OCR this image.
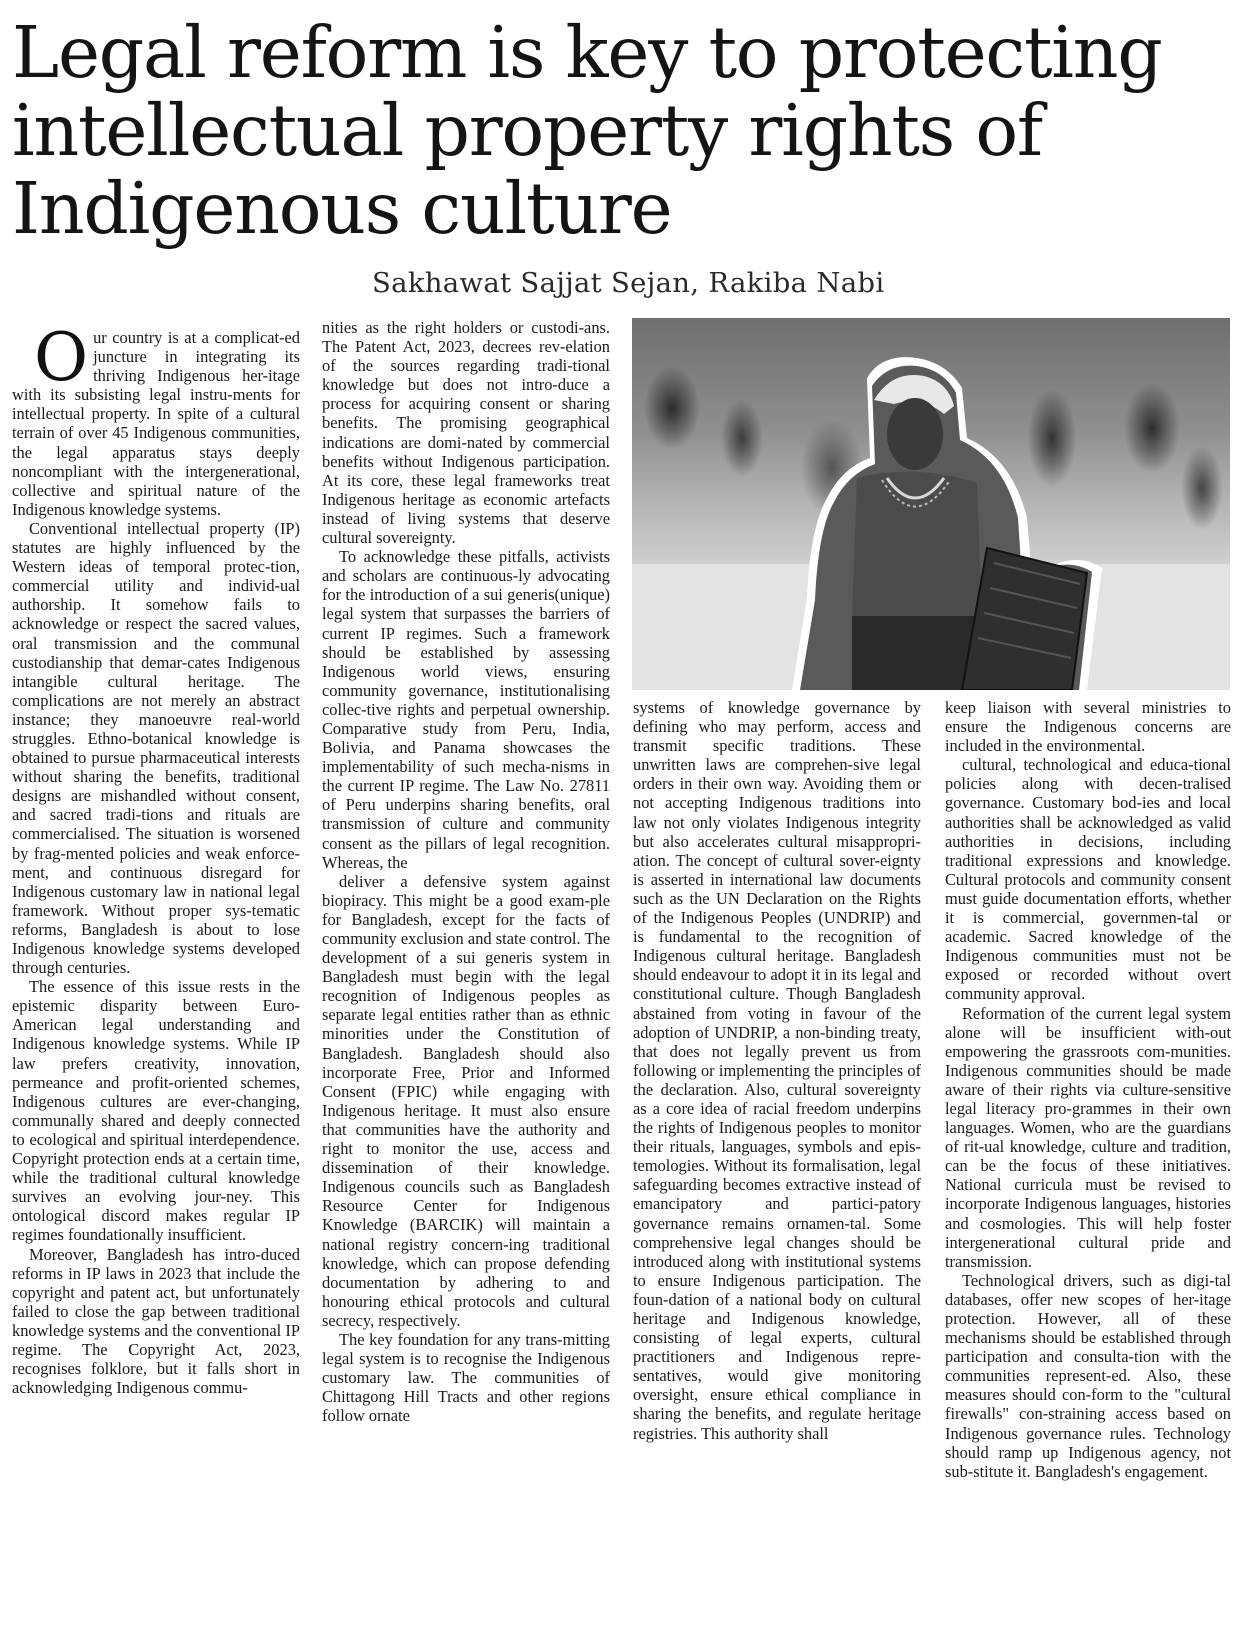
Legal reform is key to protecting intellectual property rights of Indigenous culture
Sakhawat Sajjat Sejan, Rakiba Nabi

Our country is at a complicat-ed juncture in integrating its thriving Indigenous her-itage with its subsisting legal instru-ments for intellectual property. In spite of a cultural terrain of over 45 Indigenous communities, the legal apparatus stays deeply noncompliant with the intergenerational, collective and spiritual nature of the Indigenous knowledge systems.

Conventional intellectual property (IP) statutes are highly influenced by the Western ideas of temporal protec-tion, commercial utility and individ-ual authorship. It somehow fails to acknowledge or respect the sacred values, oral transmission and the communal custodianship that demar-cates Indigenous intangible cultural heritage. The complications are not merely an abstract instance; they manoeuvre real-world struggles. Ethno-botanical knowledge is obtained to pursue pharmaceutical interests without sharing the benefits, traditional designs are mishandled without consent, and sacred tradi-tions and rituals are commercialised. The situation is worsened by frag-mented policies and weak enforce-ment, and continuous disregard for Indigenous customary law in national legal framework. Without proper sys-tematic reforms, Bangladesh is about to lose Indigenous knowledge systems developed through centuries.

The essence of this issue rests in the epistemic disparity between Euro-American legal understanding and Indigenous knowledge systems. While IP law prefers creativity, innovation, permeance and profit-oriented schemes, Indigenous cultures are ever-changing, communally shared and deeply connected to ecological and spiritual interdependence. Copyright protection ends at a certain time, while the traditional cultural knowledge survives an evolving jour-ney. This ontological discord makes regular IP regimes foundationally insufficient.

Moreover, Bangladesh has intro-duced reforms in IP laws in 2023 that include the copyright and patent act, but unfortunately failed to close the gap between traditional knowledge systems and the conventional IP regime. The Copyright Act, 2023, recognises folklore, but it falls short in acknowledging Indigenous commu-

nities as the right holders or custodi-ans. The Patent Act, 2023, decrees rev-elation of the sources regarding tradi-tional knowledge but does not intro-duce a process for acquiring consent or sharing benefits. The promising geographical indications are domi-nated by commercial benefits without Indigenous participation. At its core, these legal frameworks treat Indigenous heritage as economic artefacts instead of living systems that deserve cultural sovereignty.

To acknowledge these pitfalls, activists and scholars are continuous-ly advocating for the introduction of a sui generis(unique) legal system that surpasses the barriers of current IP regimes. Such a framework should be established by assessing Indigenous world views, ensuring community governance, institutionalising collec-tive rights and perpetual ownership. Comparative study from Peru, India, Bolivia, and Panama showcases the implementability of such mecha-nisms in the current IP regime. The Law No. 27811 of Peru underpins sharing benefits, oral transmission of culture and community consent as the pillars of legal recognition. Whereas, the

deliver a defensive system against biopiracy. This might be a good exam-ple for Bangladesh, except for the facts of community exclusion and state control. The development of a sui generis system in Bangladesh must begin with the legal recognition of Indigenous peoples as separate legal entities rather than as ethnic minorities under the Constitution of Bangladesh. Bangladesh should also incorporate Free, Prior and Informed Consent (FPIC) while engaging with Indigenous heritage. It must also ensure that communities have the authority and right to monitor the use, access and dissemination of their knowledge. Indigenous councils such as Bangladesh Resource Center for Indigenous Knowledge (BARCIK) will maintain a national registry concern-ing traditional knowledge, which can propose defending documentation by adhering to and honouring ethical protocols and cultural secrecy, respectively.

The key foundation for any trans-mitting legal system is to recognise the Indigenous customary law. The communities of Chittagong Hill Tracts and other regions follow ornate

systems of knowledge governance by defining who may perform, access and transmit specific traditions. These unwritten laws are comprehen-sive legal orders in their own way. Avoiding them or not accepting Indigenous traditions into law not only violates Indigenous integrity but also accelerates cultural misappropri-ation. The concept of cultural sover-eignty is asserted in international law documents such as the UN Declaration on the Rights of the Indigenous Peoples (UNDRIP) and is fundamental to the recognition of Indigenous cultural heritage. Bangladesh should endeavour to adopt it in its legal and constitutional culture. Though Bangladesh abstained from voting in favour of the adoption of UNDRIP, a non-binding treaty, that does not legally prevent us from following or implementing the principles of the declaration. Also, cultural sovereignty as a core idea of racial freedom underpins the rights of Indigenous peoples to monitor their rituals, languages, symbols and epis-temologies. Without its formalisation, legal safeguarding becomes extractive instead of emancipatory and partici-patory governance remains ornamen-tal. Some comprehensive legal changes should be introduced along with institutional systems to ensure Indigenous participation. The foun-dation of a national body on cultural heritage and Indigenous knowledge, consisting of legal experts, cultural practitioners and Indigenous repre-sentatives, would give monitoring oversight, ensure ethical compliance in sharing the benefits, and regulate heritage registries. This authority shall

keep liaison with several ministries to ensure the Indigenous concerns are included in the environmental.

cultural, technological and educa-tional policies along with decen-tralised governance. Customary bod-ies and local authorities shall be acknowledged as valid authorities in decisions, including traditional expressions and knowledge. Cultural protocols and community consent must guide documentation efforts, whether it is commercial, governmen-tal or academic. Sacred knowledge of the Indigenous communities must not be exposed or recorded without overt community approval.

Reformation of the current legal system alone will be insufficient with-out empowering the grassroots com-munities. Indigenous communities should be made aware of their rights via culture-sensitive legal literacy pro-grammes in their own languages. Women, who are the guardians of rit-ual knowledge, culture and tradition, can be the focus of these initiatives. National curricula must be revised to incorporate Indigenous languages, histories and cosmologies. This will help foster intergenerational cultural pride and transmission.

Technological drivers, such as digi-tal databases, offer new scopes of her-itage protection. However, all of these mechanisms should be established through participation and consulta-tion with the communities represent-ed. Also, these measures should con-form to the "cultural firewalls" con-straining access based on Indigenous governance rules. Technology should ramp up Indigenous agency, not sub-stitute it. Bangladesh's engagement.
